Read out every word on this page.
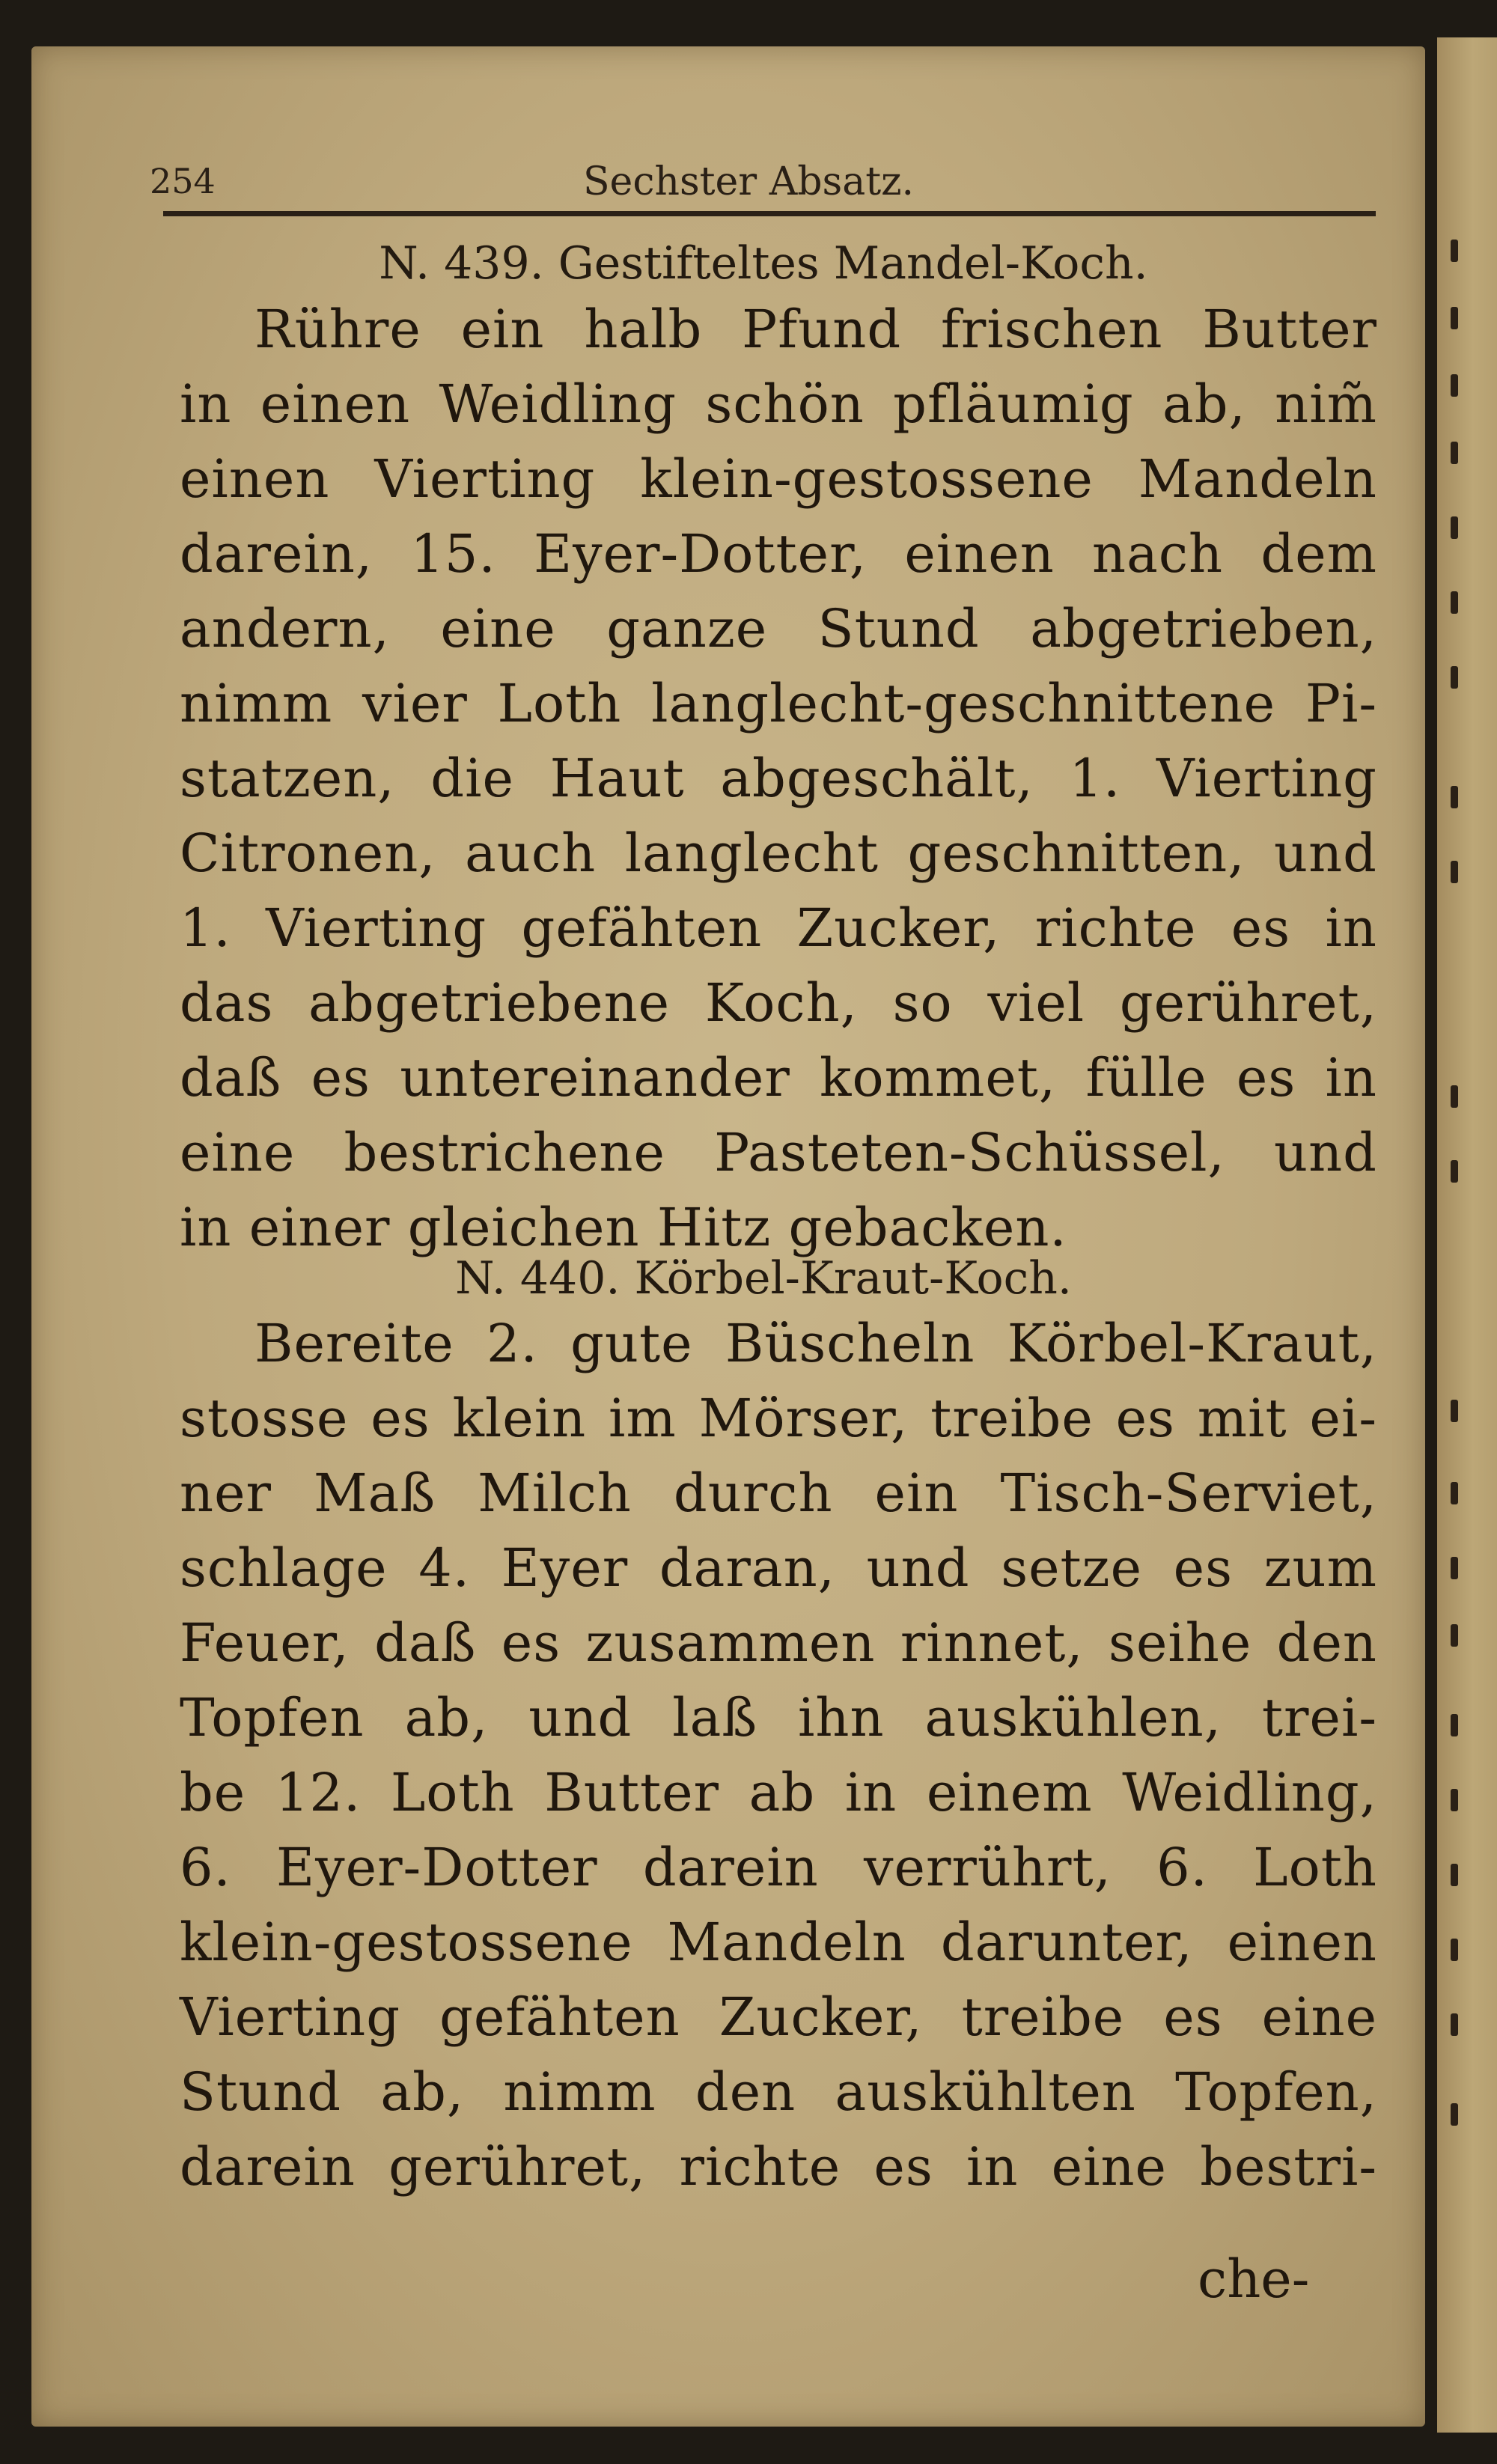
254	Sechster Absatz.
N. 439. Gestifteltes Mandel-Koch.
Rühre ein halb Pfund frischen Butter
in einen Weidling schön pfläumig ab, nim̃
einen Vierting klein-gestossene Mandeln
darein, 15. Eyer-Dotter, einen nach dem
andern, eine ganze Stund abgetrieben,
nimm vier Loth langlecht-geschnittene Pi-
statzen, die Haut abgeschält, 1. Vierting
Citronen, auch langlecht geschnitten, und
1. Vierting gefähten Zucker, richte es in
das abgetriebene Koch, so viel gerühret,
daß es untereinander kommet, fülle es in
eine bestrichene Pasteten-Schüssel, und
in einer gleichen Hitz gebacken.
N. 440. Körbel-Kraut-Koch.
Bereite 2. gute Büscheln Körbel-Kraut,
stosse es klein im Mörser, treibe es mit ei-
ner Maß Milch durch ein Tisch-Serviet,
schlage 4. Eyer daran, und setze es zum
Feuer, daß es zusammen rinnet, seihe den
Topfen ab, und laß ihn auskühlen, trei-
be 12. Loth Butter ab in einem Weidling,
6. Eyer-Dotter darein verrührt, 6. Loth
klein-gestossene Mandeln darunter, einen
Vierting gefähten Zucker, treibe es eine
Stund ab, nimm den auskühlten Topfen,
darein gerühret, richte es in eine bestri-
che-
